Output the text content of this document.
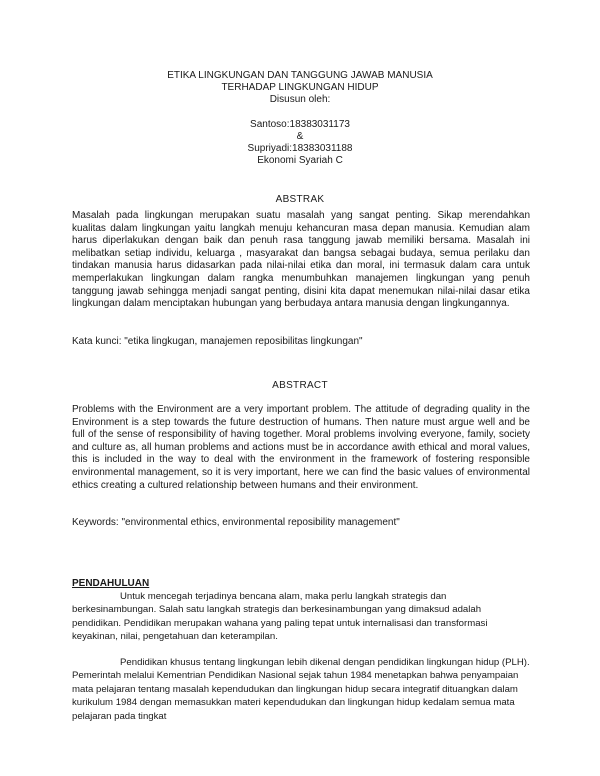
ETIKA LINGKUNGAN DAN TANGGUNG JAWAB MANUSIA
TERHADAP LINGKUNGAN HIDUP
Disusun oleh:
Santoso:18383031173
&
Supriyadi:18383031188
Ekonomi Syariah C
ABSTRAK
Masalah pada lingkungan merupakan suatu masalah yang sangat penting. Sikap merendahkan kualitas dalam lingkungan yaitu langkah menuju kehancuran masa depan manusia. Kemudian alam harus diperlakukan dengan baik dan penuh rasa tanggung jawab memiliki bersama. Masalah ini melibatkan setiap individu, keluarga , masyarakat dan bangsa sebagai budaya, semua perilaku dan tindakan manusia harus didasarkan pada nilai-nilai etika dan moral, ini termasuk dalam cara untuk memperlakukan lingkungan dalam rangka menumbuhkan manajemen lingkungan yang penuh tanggung jawab sehingga menjadi sangat penting, disini kita dapat menemukan nilai-nilai dasar etika lingkungan dalam menciptakan hubungan yang berbudaya antara manusia dengan lingkungannya.
Kata kunci: "etika lingkugan, manajemen reposibilitas lingkungan"
ABSTRACT
Problems with the Environment are a very important problem. The attitude of degrading quality in the Environment is a step towards the future destruction of humans. Then nature must argue well and be full of the sense of responsibility of having together. Moral problems involving everyone, family, society and culture as, all human problems and actions must be in accordance awith ethical and moral values, this is included in the way to deal with the environment in the framework of fostering responsible environmental management, so it is very important, here we can find the basic values of environmental ethics creating a cultured relationship between humans and their environment.
Keywords: "environmental ethics, environmental reposibility management"
PENDAHULUAN
Untuk mencegah terjadinya bencana alam, maka perlu langkah strategis dan berkesinambungan. Salah satu langkah strategis dan berkesinambungan yang dimaksud adalah pendidikan. Pendidikan merupakan wahana yang paling tepat untuk internalisasi dan transformasi keyakinan, nilai, pengetahuan dan keterampilan.
Pendidikan khusus tentang lingkungan lebih dikenal dengan pendidikan lingkungan hidup (PLH). Pemerintah melalui Kementrian Pendidikan Nasional sejak tahun 1984 menetapkan bahwa penyampaian mata pelajaran tentang masalah kependudukan dan lingkungan hidup secara integratif dituangkan dalam kurikulum 1984 dengan memasukkan materi kependudukan dan lingkungan hidup kedalam semua mata pelajaran pada tingkat
